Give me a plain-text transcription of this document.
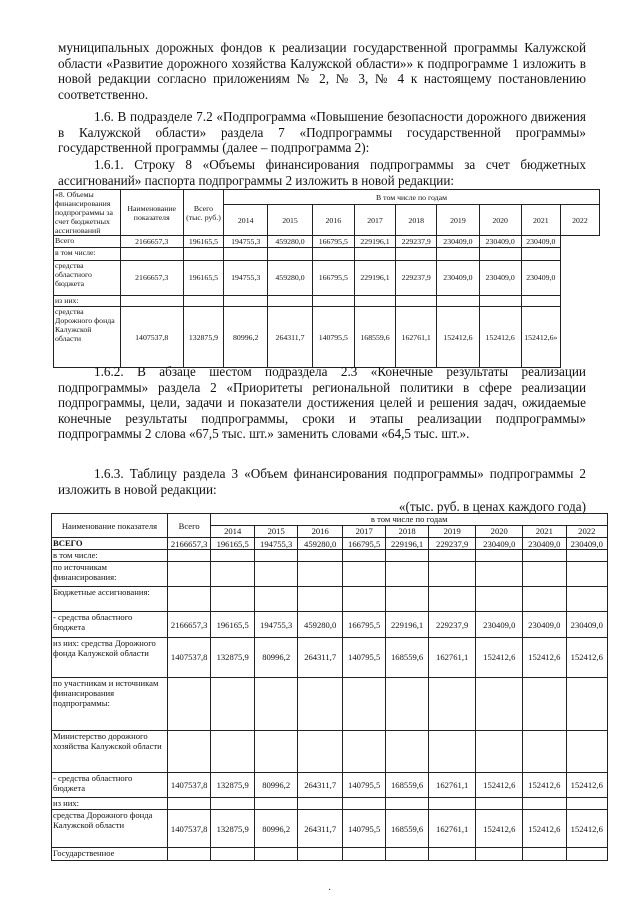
муниципальных дорожных фондов к реализации государственной программы Калужской области «Развитие дорожного хозяйства Калужской области»» к подпрограмме 1 изложить в новой редакции согласно приложениям № 2, № 3, № 4 к настоящему постановлению соответственно.

1.6. В подразделе 7.2 «Подпрограмма «Повышение безопасности дорожного движения в Калужской области» раздела 7 «Подпрограммы государственной программы» государственной программы (далее – подпрограмма 2):

1.6.1. Строку 8 «Объемы финансирования подпрограммы за счет бюджетных ассигнований» паспорта подпрограммы 2 изложить в новой редакции:

«8. Объемы финансирования подпрограммы за счет бюджетных ассигнований	Наименование показателя	Всего (тыс. руб.)	В том числе по годам								
			2014	2015	2016	2017	2018	2019	2020	2021	2022
Всего	2166657,3	196165,5	194755,3	459280,0	166795,5	229196,1	229237,9	230409,0	230409,0	230409,0	
в том числе:											
средства областного бюджета	2166657,3	196165,5	194755,3	459280,0	166795,5	229196,1	229237,9	230409,0	230409,0	230409,0	
из них:											
средства Дорожного фонда Калужской области	1407537,8	132875,9	80996,2	264311,7	140795,5	168559,6	162761,1	152412,6	152412,6	152412,6»	

1.6.2. В абзаце шестом подраздела 2.3 «Конечные результаты реализации подпрограммы» раздела 2 «Приоритеты региональной политики в сфере реализации подпрограммы, цели, задачи и показатели достижения целей и решения задач, ожидаемые конечные результаты подпрограммы, сроки и этапы реализации подпрограммы» подпрограммы 2 слова «67,5 тыс. шт.» заменить словами «64,5 тыс. шт.».

1.6.3. Таблицу раздела 3 «Объем финансирования подпрограммы» подпрограммы 2 изложить в новой редакции:

«(тыс. руб. в ценах каждого года)
Наименование показателя	Всего	в том числе по годам								
		2014	2015	2016	2017	2018	2019	2020	2021	2022
ВСЕГО	2166657,3	196165,5	194755,3	459280,0	166795,5	229196,1	229237,9	230409,0	230409,0	230409,0
в том числе:										
по источникам финансирования:										
Бюджетные ассигнования:										
- средства областного бюджета	2166657,3	196165,5	194755,3	459280,0	166795,5	229196,1	229237,9	230409,0	230409,0	230409,0
из них: средства Дорожного фонда Калужской области	1407537,8	132875,9	80996,2	264311,7	140795,5	168559,6	162761,1	152412,6	152412,6	152412,6
по участникам и источникам финансирования подпрограммы:										
Министерство дорожного хозяйства Калужской области										
- средства областного бюджета	1407537,8	132875,9	80996,2	264311,7	140795,5	168559,6	162761,1	152412,6	152412,6	152412,6
из них:										
средства Дорожного фонда Калужской области	1407537,8	132875,9	80996,2	264311,7	140795,5	168559,6	162761,1	152412,6	152412,6	152412,6
Государственное										
·
